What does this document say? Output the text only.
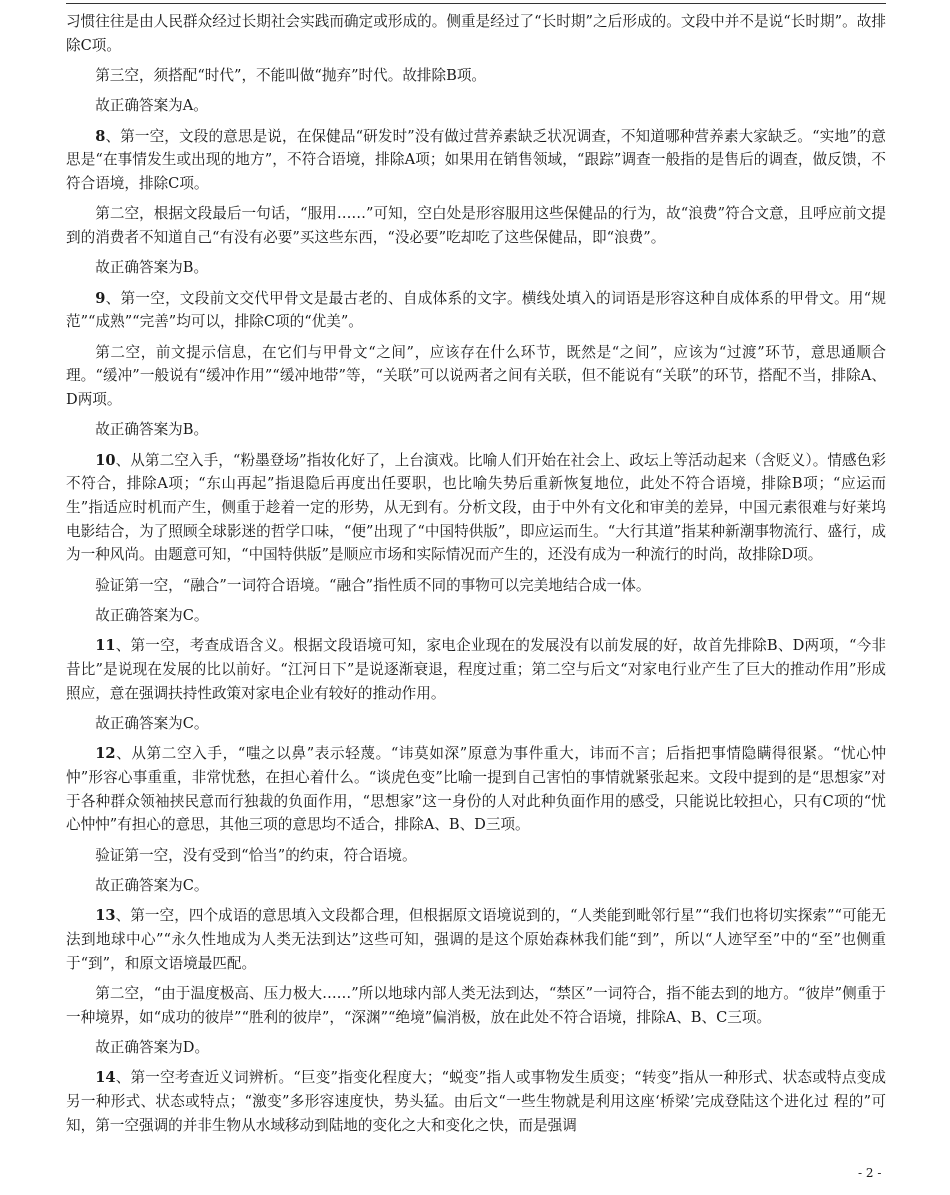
习惯往往是由人民群众经过长期社会实践而确定或形成的。侧重是经过了“长时期”之后形成的。文段中并不是说“长时期”。故排除C项。

第三空，须搭配“时代”，不能叫做“抛弃”时代。故排除B项。

故正确答案为A。

8、第一空，文段的意思是说，在保健品“研发时”没有做过营养素缺乏状况调查，不知道哪种营养素大家缺乏。“实地”的意思是“在事情发生或出现的地方”，不符合语境，排除A项；如果用在销售领域，“跟踪”调查一般指的是售后的调查，做反馈，不符合语境，排除C项。

第二空，根据文段最后一句话，“服用……”可知，空白处是形容服用这些保健品的行为，故“浪费”符合文意，且呼应前文提到的消费者不知道自己“有没有必要”买这些东西，“没必要”吃却吃了这些保健品，即“浪费”。

故正确答案为B。

9、第一空，文段前文交代甲骨文是最古老的、自成体系的文字。横线处填入的词语是形容这种自成体系的甲骨文。用“规范”“成熟”“完善”均可以，排除C项的“优美”。

第二空，前文提示信息，在它们与甲骨文“之间”，应该存在什么环节，既然是“之间”，应该为“过渡”环节，意思通顺合理。“缓冲”一般说有“缓冲作用”“缓冲地带”等，“关联”可以说两者之间有关联，但不能说有“关联”的环节，搭配不当，排除A、D两项。

故正确答案为B。

10、从第二空入手，“粉墨登场”指妆化好了，上台演戏。比喻人们开始在社会上、政坛上等活动起来（含贬义）。情感色彩不符合，排除A项；“东山再起”指退隐后再度出任要职，也比喻失势后重新恢复地位，此处不符合语境，排除B项；“应运而生”指适应时机而产生，侧重于趁着一定的形势，从无到有。分析文段，由于中外有文化和审美的差异，中国元素很难与好莱坞电影结合，为了照顾全球影迷的哲学口味，“便”出现了“中国特供版”，即应运而生。“大行其道”指某种新潮事物流行、盛行，成为一种风尚。由题意可知，“中国特供版”是顺应市场和实际情况而产生的，还没有成为一种流行的时尚，故排除D项。

验证第一空，“融合”一词符合语境。“融合”指性质不同的事物可以完美地结合成一体。

故正确答案为C。

11、第一空，考查成语含义。根据文段语境可知，家电企业现在的发展没有以前发展的好，故首先排除B、D两项，“今非昔比”是说现在发展的比以前好。“江河日下”是说逐渐衰退，程度过重；第二空与后文“对家电行业产生了巨大的推动作用”形成照应，意在强调扶持性政策对家电企业有较好的推动作用。

故正确答案为C。

12、从第二空入手，“嗤之以鼻”表示轻蔑。“讳莫如深”原意为事件重大，讳而不言；后指把事情隐瞒得很紧。“忧心忡忡”形容心事重重，非常忧愁，在担心着什么。“谈虎色变”比喻一提到自己害怕的事情就紧张起来。文段中提到的是“思想家”对于各种群众领袖挟民意而行独裁的负面作用，“思想家”这一身份的人对此种负面作用的感受，只能说比较担心，只有C项的“忧心忡忡”有担心的意思，其他三项的意思均不适合，排除A、B、D三项。

验证第一空，没有受到“恰当”的约束，符合语境。

故正确答案为C。

13、第一空，四个成语的意思填入文段都合理，但根据原文语境说到的，“人类能到毗邻行星”“我们也将切实探索”“可能无法到地球中心”“永久性地成为人类无法到达”这些可知，强调的是这个原始森林我们能“到”，所以“人迹罕至”中的“至”也侧重于“到”，和原文语境最匹配。

第二空，“由于温度极高、压力极大……”所以地球内部人类无法到达，“禁区”一词符合，指不能去到的地方。“彼岸”侧重于一种境界，如“成功的彼岸”“胜利的彼岸”，“深渊”“绝境”偏消极，放在此处不符合语境，排除A、B、C三项。

故正确答案为D。

14、第一空考查近义词辨析。“巨变”指变化程度大；“蜕变”指人或事物发生质变；“转变”指从一种形式、状态或特点变成另一种形式、状态或特点；“激变”多形容速度快，势头猛。由后文“一些生物就是利用这座‘桥梁’完成登陆这个进化过 程的”可知，第一空强调的并非生物从水域移动到陆地的变化之大和变化之快，而是强调

- 2 -
